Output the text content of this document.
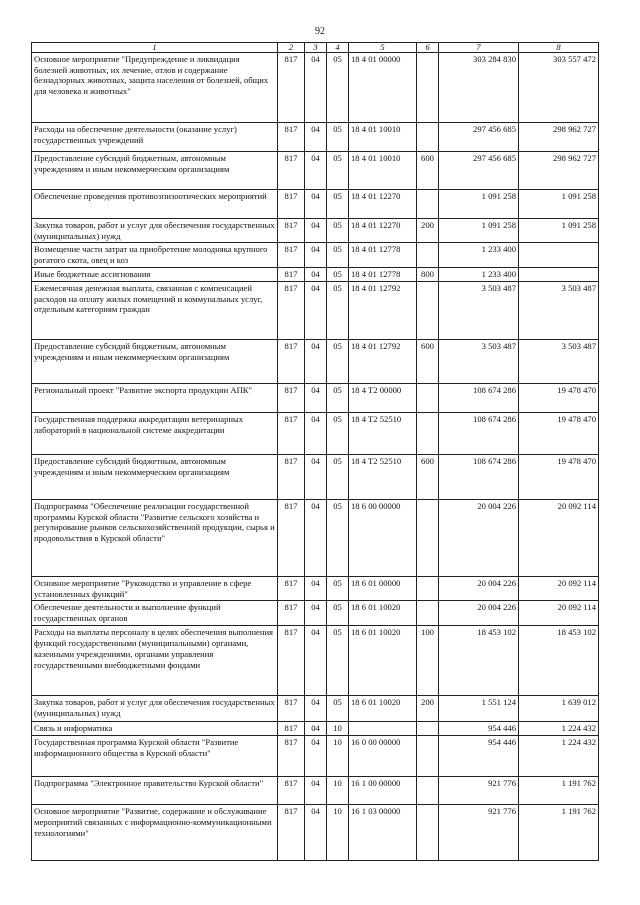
92
1	2	3	4	5	6	7	8
Основное мероприятие "Предупреждение и ликвидация болезней животных, их лечение, отлов и содержание безнадзорных животных, защита населения от болезней, общих для человека и животных"	817	04	05	18 4 01 00000		303 284 830	303 557 472
Расходы на обеспечение деятельности (оказание услуг) государственных учреждений	817	04	05	18 4 01 10010		297 456 685	298 962 727
Предоставление субсидий бюджетным, автономным учреждениям и иным некоммерческим организациям	817	04	05	18 4 01 10010	600	297 456 685	298 962 727
Обеспечение проведения противоэпизоотических мероприятий	817	04	05	18 4 01 12270		1 091 258	1 091 258
Закупка товаров, работ и услуг для обеспечения государственных (муниципальных) нужд	817	04	05	18 4 01 12270	200	1 091 258	1 091 258
Возмещение части затрат на приобретение молодняка крупного рогатого скота, овец и коз	817	04	05	18 4 01 12778		1 233 400	
Иные бюджетные ассигнования	817	04	05	18 4 01 12778	800	1 233 400	
Ежемесячная денежная выплата, связанная с компенсацией расходов на оплату жилых помещений и коммунальных услуг, отдельным категориям граждан	817	04	05	18 4 01 12792		3 503 487	3 503 487
Предоставление субсидий бюджетным, автономным учреждениям и иным некоммерческим организациям	817	04	05	18 4 01 12792	600	3 503 487	3 503 487
Региональный проект "Развитие экспорта продукции АПК"	817	04	05	18 4 T2 00000		108 674 286	19 478 470
Государственная поддержка аккредитации ветеринарных лабораторий в национальной системе аккредитации	817	04	05	18 4 T2 52510		108 674 286	19 478 470
Предоставление субсидий бюджетным, автономным учреждениям и иным некоммерческим организациям	817	04	05	18 4 T2 52510	600	108 674 286	19 478 470
Подпрограмма "Обеспечение реализации государственной программы Курской области "Развитие сельского хозяйства и регулирование рынков сельскохозяйственной продукции, сырья и продовольствия в Курской области"	817	04	05	18 6 00 00000		20 004 226	20 092 114
Основное мероприятие "Руководство и управление в сфере установленных функций"	817	04	05	18 6 01 00000		20 004 226	20 092 114
Обеспечение деятельности и выполнение функций государственных органов	817	04	05	18 6 01 10020		20 004 226	20 092 114
Расходы на выплаты персоналу в целях обеспечения выполнения функций государственными (муниципальными) органами, казенными учреждениями, органами управления государственными внебюджетными фондами	817	04	05	18 6 01 10020	100	18 453 102	18 453 102
Закупка товаров, работ и услуг для обеспечения государственных (муниципальных) нужд	817	04	05	18 6 01 10020	200	1 551 124	1 639 012
Связь и информатика	817	04	10			954 446	1 224 432
Государственная программа Курской области "Развитие информационного общества в Курской области"	817	04	10	16 0 00 00000		954 446	1 224 432
Подпрограмма "Электронное правительство Курской области"	817	04	10	16 1 00 00000		921 776	1 191 762
Основное мероприятие "Развитие, содержание и обслуживание мероприятий связанных с информационно-коммуникационными технологиями"	817	04	10	16 1 03 00000		921 776	1 191 762
